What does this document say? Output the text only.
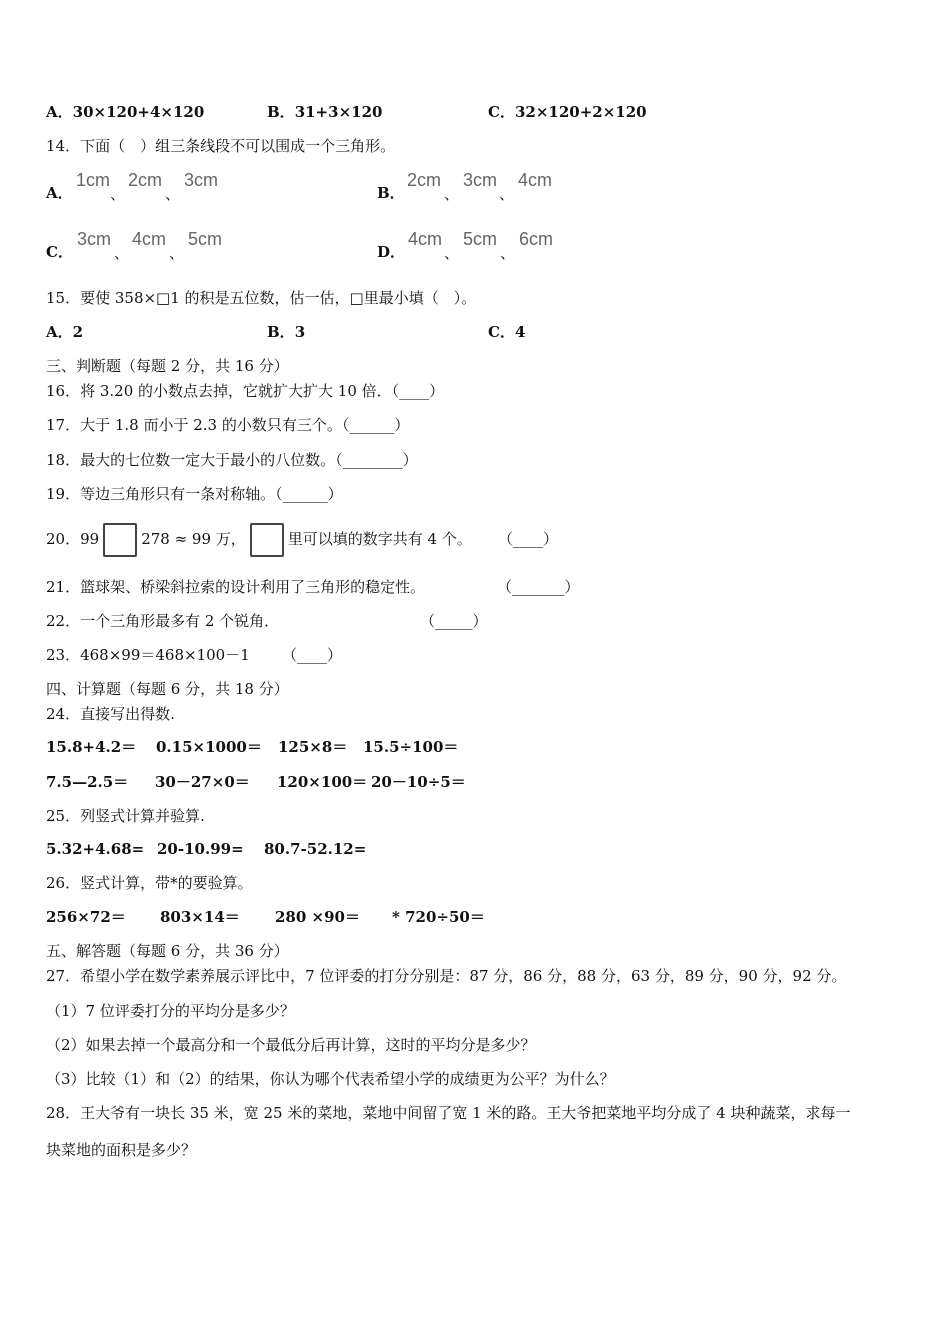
A．30×120+4×120	B．31+3×120	C．32×120+2×120
14．下面（　）组三条线段不可以围成一个三角形。
A．
1cm
、
2cm
、
3cm
B．
2cm
、
3cm
、
4cm
C．
3cm
、
4cm
、
5cm
D．
4cm
、
5cm
、
6cm
15．要使 358×□1 的积是五位数，估一估，□里最小填（　）。
A．2	B．3	C．4
三、判断题（每题 2 分，共 16 分）
16．将 3.20 的小数点去掉，它就扩大扩大 10 倍．（____）
17．大于 1.8 而小于 2.3 的小数只有三个。（______）
18．最大的七位数一定大于最小的八位数。（________）
19．等边三角形只有一条对称轴。（______）
20．99	278 ≈ 99 万，	里可以填的数字共有 4 个。 （____）
21．篮球架、桥梁斜拉索的设计利用了三角形的稳定性。	（_______）
22．一个三角形最多有 2 个锐角．	（_____）
23．468×99＝468×100－1 （____）
四、计算题（每题 6 分，共 18 分）
24．直接写出得数.
15.8+4.2＝ 0.15×1000＝ 125×8＝ 15.5÷100＝
7.5—2.5＝ 30－27×0＝ 120×100＝ 20－10÷5＝
25．列竖式计算并验算.
5.32+4.68= 20-10.99= 80.7-52.12=
26．竖式计算，带*的要验算。
256×72＝ 803×14＝ 280 ×90＝ * 720÷50＝
五、解答题（每题 6 分，共 36 分）
27．希望小学在数学素养展示评比中，7 位评委的打分分别是：87 分，86 分，88 分，63 分，89 分，90 分，92 分。
（1）7 位评委打分的平均分是多少？
（2）如果去掉一个最高分和一个最低分后再计算，这时的平均分是多少？
（3）比较（1）和（2）的结果，你认为哪个代表希望小学的成绩更为公平？为什么？
28．王大爷有一块长 35 米，宽 25 米的菜地，菜地中间留了宽 1 米的路。王大爷把菜地平均分成了 4 块种蔬菜，求每一
块菜地的面积是多少？
